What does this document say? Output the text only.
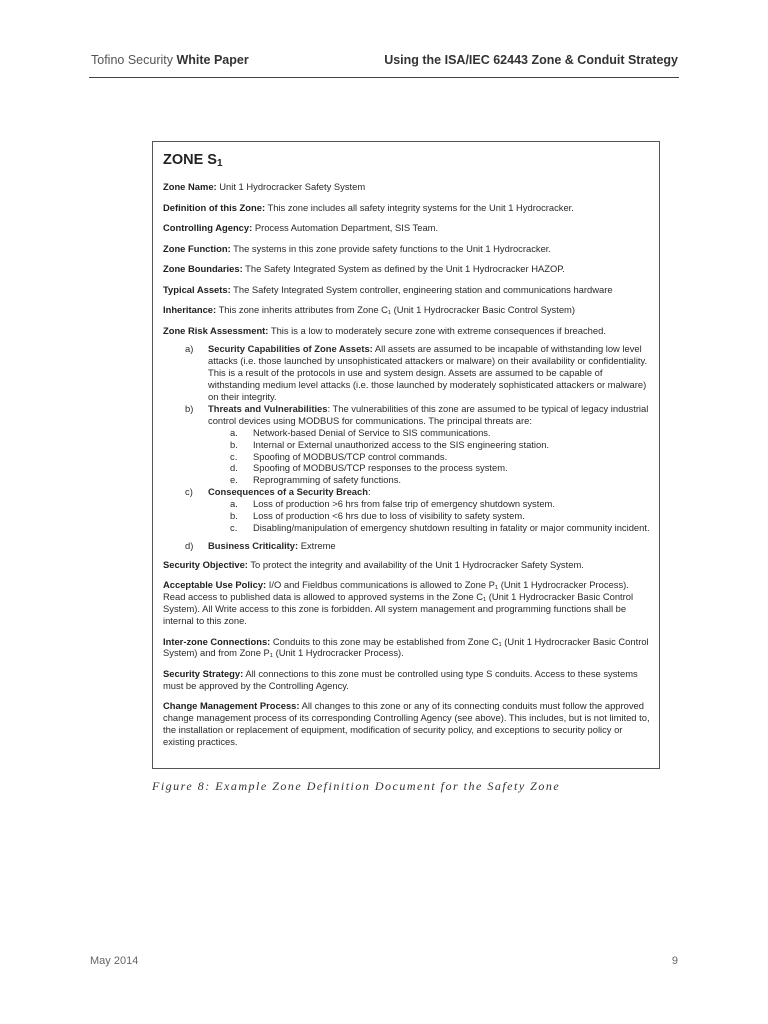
Tofino Security White Paper	Using the ISA/IEC 62443 Zone & Conduit Strategy
ZONE $S_1$
Zone Name: Unit 1 Hydrocracker Safety System
Definition of this Zone: This zone includes all safety integrity systems for the Unit 1 Hydrocracker.
Controlling Agency: Process Automation Department, SIS Team.
Zone Function: The systems in this zone provide safety functions to the Unit 1 Hydrocracker.
Zone Boundaries: The Safety Integrated System as defined by the Unit 1 Hydrocracker HAZOP.
Typical Assets: The Safety Integrated System controller, engineering station and communications hardware
Inheritance: This zone inherits attributes from Zone C₁ (Unit 1 Hydrocracker Basic Control System)
Zone Risk Assessment: This is a low to moderately secure zone with extreme consequences if breached.
a)	Security Capabilities of Zone Assets: All assets are assumed to be incapable of withstanding low level attacks (i.e. those launched by unsophisticated attackers or malware) on their availability or confidentiality. This is a result of the protocols in use and system design. Assets are assumed to be capable of withstanding medium level attacks (i.e. those launched by moderately sophisticated attackers or malware) on their integrity.
b)	Threats and Vulnerabilities: The vulnerabilities of this zone are assumed to be typical of legacy industrial control devices using MODBUS for communications. The principal threats are:
a.	Network-based Denial of Service to SIS communications.
b.	Internal or External unauthorized access to the SIS engineering station.
c.	Spoofing of MODBUS/TCP control commands.
d.	Spoofing of MODBUS/TCP responses to the process system.
e.	Reprogramming of safety functions.
c)	Consequences of a Security Breach:
a.	Loss of production >6 hrs from false trip of emergency shutdown system.
b.	Loss of production <6 hrs due to loss of visibility to safety system.
c.	Disabling/manipulation of emergency shutdown resulting in fatality or major community incident.
d)	Business Criticality: Extreme
Security Objective: To protect the integrity and availability of the Unit 1 Hydrocracker Safety System.
Acceptable Use Policy: I/O and Fieldbus communications is allowed to Zone P₁ (Unit 1 Hydrocracker Process). Read access to published data is allowed to approved systems in the Zone C₁ (Unit 1 Hydrocracker Basic Control System). All Write access to this zone is forbidden. All system management and programming functions shall be internal to this zone.
Inter-zone Connections: Conduits to this zone may be established from Zone C₁ (Unit 1 Hydrocracker Basic Control System) and from Zone P₁ (Unit 1 Hydrocracker Process).
Security Strategy: All connections to this zone must be controlled using type S conduits. Access to these systems must be approved by the Controlling Agency.
Change Management Process: All changes to this zone or any of its connecting conduits must follow the approved change management process of its corresponding Controlling Agency (see above). This includes, but is not limited to, the installation or replacement of equipment, modification of security policy, and exceptions to security policy or existing practices.
Figure 8: Example Zone Definition Document for the Safety Zone
May 2014	9
